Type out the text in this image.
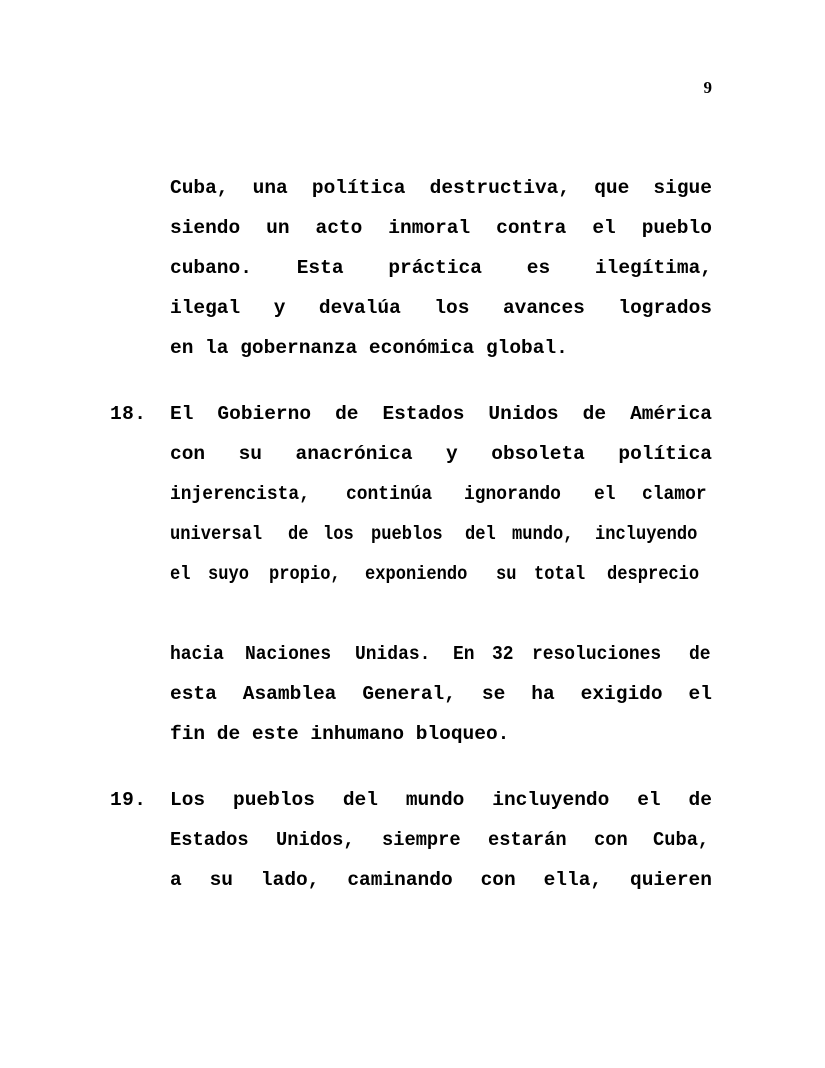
9
Cuba, una política destructiva, que sigue
siendo un acto inmoral contra el pueblo
cubano. Esta práctica es ilegítima,
ilegal y devalúa los avances logrados
en la gobernanza económica global.
18.	El Gobierno de Estados Unidos de América
con su anacrónica y obsoleta política
injerencista,	continúa	ignorando	el clamor
universal	de los pueblos	del mundo,	incluyendo
el suyo	propio,	exponiendo	su total	desprecio
hacia Naciones	Unidas.	En 32 resoluciones	de
esta Asamblea General, se ha exigido el
fin de este inhumano bloqueo.
19.	Los pueblos del mundo incluyendo el de
Estados Unidos, siempre estarán con Cuba,
a su lado, caminando con ella, quieren
